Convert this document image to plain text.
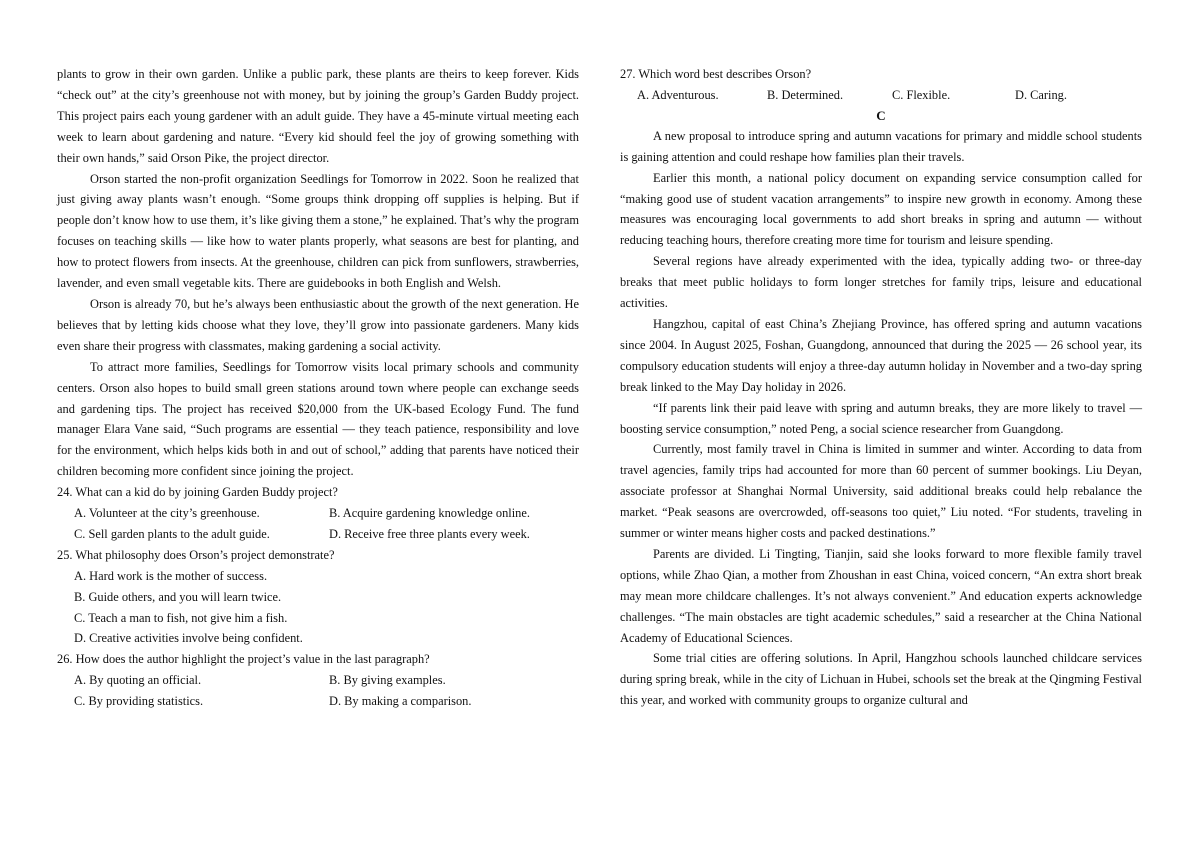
plants to grow in their own garden. Unlike a public park, these plants are theirs to keep forever. Kids “check out” at the city’s greenhouse not with money, but by joining the group’s Garden Buddy project. This project pairs each young gardener with an adult guide. They have a 45-minute virtual meeting each week to learn about gardening and nature. “Every kid should feel the joy of growing something with their own hands,” said Orson Pike, the project director.

Orson started the non-profit organization Seedlings for Tomorrow in 2022. Soon he realized that just giving away plants wasn’t enough. “Some groups think dropping off supplies is helping. But if people don’t know how to use them, it’s like giving them a stone,” he explained. That’s why the program focuses on teaching skills — like how to water plants properly, what seasons are best for planting, and how to protect flowers from insects. At the greenhouse, children can pick from sunflowers, strawberries, lavender, and even small vegetable kits. There are guidebooks in both English and Welsh.

Orson is already 70, but he’s always been enthusiastic about the growth of the next generation. He believes that by letting kids choose what they love, they’ll grow into passionate gardeners. Many kids even share their progress with classmates, making gardening a social activity.

To attract more families, Seedlings for Tomorrow visits local primary schools and community centers. Orson also hopes to build small green stations around town where people can exchange seeds and gardening tips. The project has received $20,000 from the UK-based Ecology Fund. The fund manager Elara Vane said, “Such programs are essential — they teach patience, responsibility and love for the environment, which helps kids both in and out of school,” adding that parents have noticed their children becoming more confident since joining the project.

24. What can a kid do by joining Garden Buddy project?

A. Volunteer at the city’s greenhouse.	B. Acquire gardening knowledge online.
C. Sell garden plants to the adult guide.	D. Receive free three plants every week.

25. What philosophy does Orson’s project demonstrate?

A. Hard work is the mother of success.
B. Guide others, and you will learn twice.
C. Teach a man to fish, not give him a fish.
D. Creative activities involve being confident.

26. How does the author highlight the project’s value in the last paragraph?

A. By quoting an official.	B. By giving examples.
C. By providing statistics.	D. By making a comparison.

27. Which word best describes Orson?

A. Adventurous.	B. Determined.	C. Flexible.	D. Caring.
C

A new proposal to introduce spring and autumn vacations for primary and middle school students is gaining attention and could reshape how families plan their travels.

Earlier this month, a national policy document on expanding service consumption called for “making good use of student vacation arrangements” to inspire new growth in economy. Among these measures was encouraging local governments to add short breaks in spring and autumn — without reducing teaching hours, therefore creating more time for tourism and leisure spending.

Several regions have already experimented with the idea, typically adding two- or three-day breaks that meet public holidays to form longer stretches for family trips, leisure and educational activities.

Hangzhou, capital of east China’s Zhejiang Province, has offered spring and autumn vacations since 2004. In August 2025, Foshan, Guangdong, announced that during the 2025 — 26 school year, its compulsory education students will enjoy a three-day autumn holiday in November and a two-day spring break linked to the May Day holiday in 2026.

“If parents link their paid leave with spring and autumn breaks, they are more likely to travel — boosting service consumption,” noted Peng, a social science researcher from Guangdong.

Currently, most family travel in China is limited in summer and winter. According to data from travel agencies, family trips had accounted for more than 60 percent of summer bookings. Liu Deyan, associate professor at Shanghai Normal University, said additional breaks could help rebalance the market. “Peak seasons are overcrowded, off-seasons too quiet,” Liu noted. “For students, traveling in summer or winter means higher costs and packed destinations.”

Parents are divided. Li Tingting, Tianjin, said she looks forward to more flexible family travel options, while Zhao Qian, a mother from Zhoushan in east China, voiced concern, “An extra short break may mean more childcare challenges. It’s not always convenient.” And education experts acknowledge challenges. “The main obstacles are tight academic schedules,” said a researcher at the China National Academy of Educational Sciences.

Some trial cities are offering solutions. In April, Hangzhou schools launched childcare services during spring break, while in the city of Lichuan in Hubei, schools set the break at the Qingming Festival this year, and worked with community groups to organize cultural and
